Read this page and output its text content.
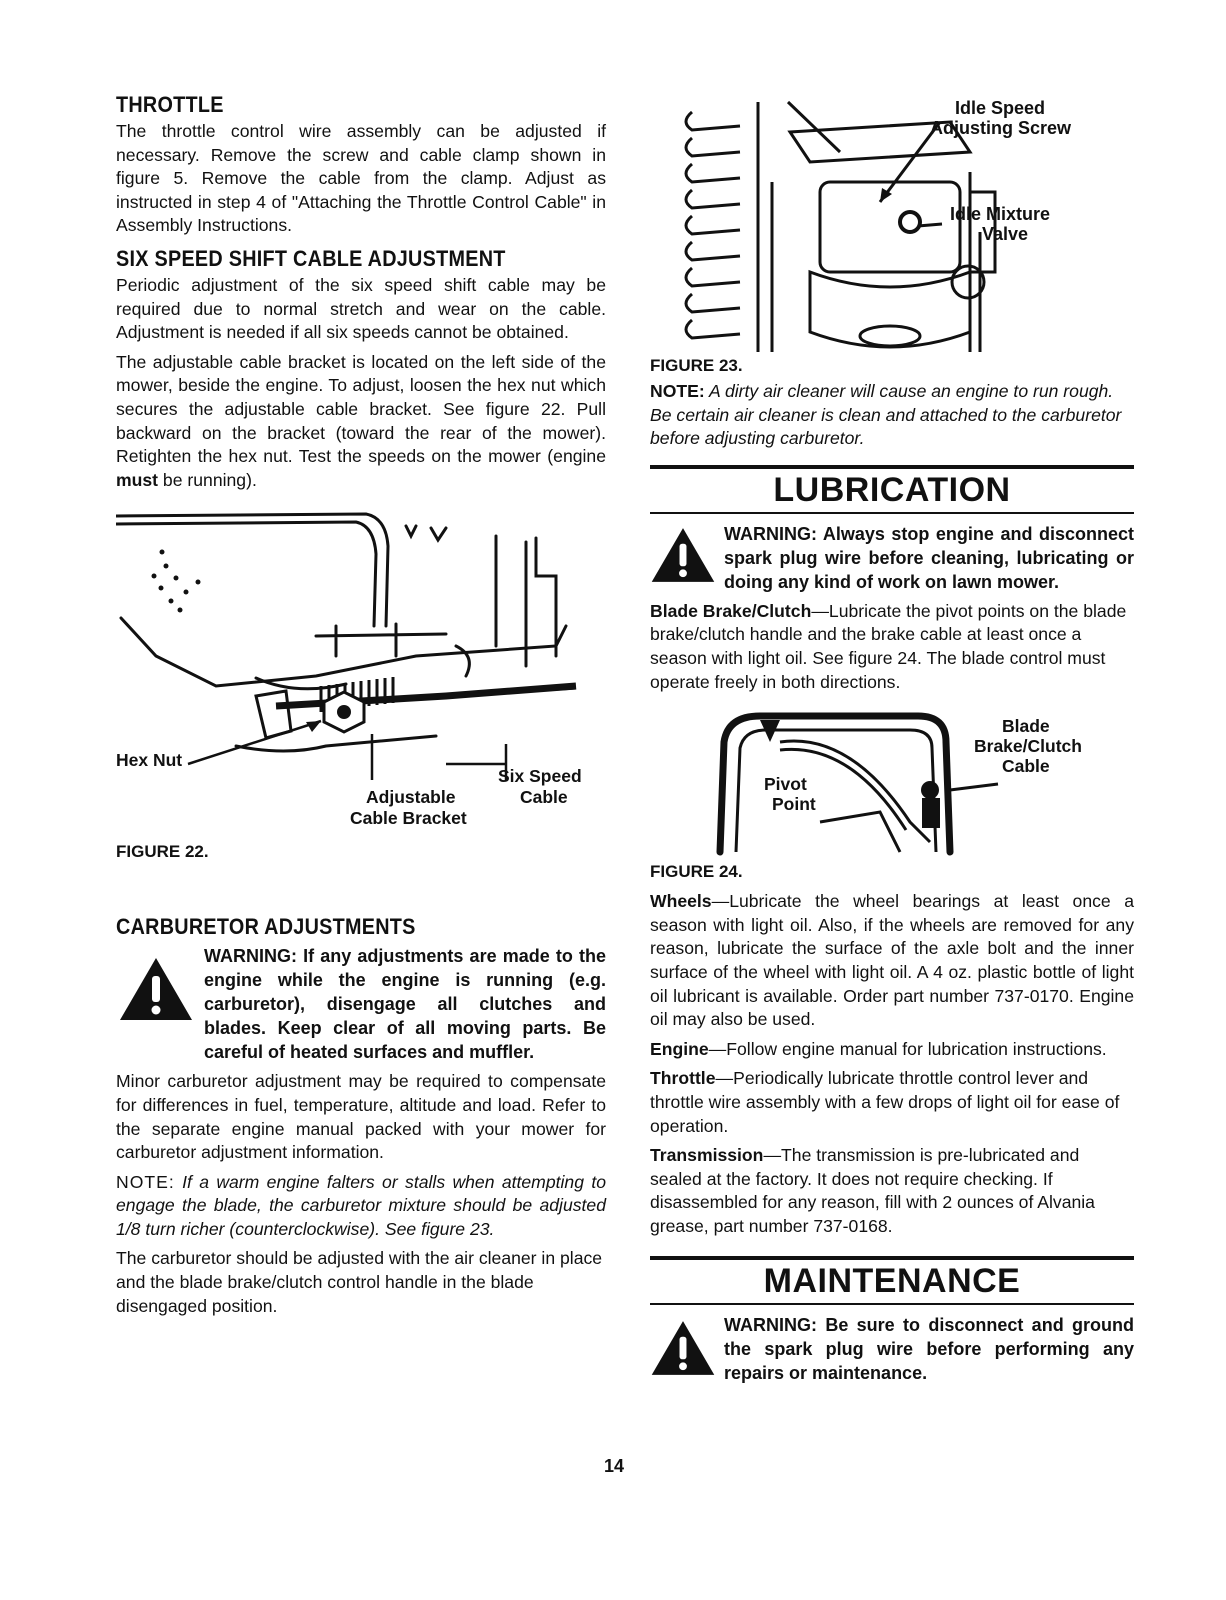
THROTTLE

The throttle control wire assembly can be adjusted if necessary. Remove the screw and cable clamp shown in figure 5. Remove the cable from the clamp. Adjust as instructed in step 4 of "Attaching the Throttle Control Cable" in Assembly Instructions.

SIX SPEED SHIFT CABLE ADJUSTMENT

Periodic adjustment of the six speed shift cable may be required due to normal stretch and wear on the cable. Adjustment is needed if all six speeds cannot be obtained.

The adjustable cable bracket is located on the left side of the mower, beside the engine. To adjust, loosen the hex nut which secures the adjustable cable bracket. See figure 22. Pull backward on the bracket (toward the rear of the mower). Retighten the hex nut. Test the speeds on the mower (engine must be running).

Hex Nut
Six Speed
Cable
Adjustable
Cable Bracket
FIGURE 22.
CARBURETOR ADJUSTMENTS

WARNING: If any adjustments are made to the engine while the engine is running (e.g. carburetor), disengage all clutches and blades. Keep clear of all moving parts. Be careful of heated surfaces and muffler.

Minor carburetor adjustment may be required to compensate for differences in fuel, temperature, altitude and load. Refer to the separate engine manual packed with your mower for carburetor adjustment information.

NOTE: If a warm engine falters or stalls when attempting to engage the blade, the carburetor mixture should be adjusted 1/8 turn richer (counterclockwise). See figure 23.

The carburetor should be adjusted with the air cleaner in place and the blade brake/clutch control handle in the blade disengaged position.

Idle Speed
Adjusting Screw
Idle Mixture
Valve
FIGURE 23.

NOTE: A dirty air cleaner will cause an engine to run rough. Be certain air cleaner is clean and attached to the carburetor before adjusting carburetor.

LUBRICATION

WARNING: Always stop engine and disconnect spark plug wire before cleaning, lubricating or doing any kind of work on lawn mower.

Blade Brake/Clutch—Lubricate the pivot points on the blade brake/clutch handle and the brake cable at least once a season with light oil. See figure 24. The blade control must operate freely in both directions.

Blade
Brake/Clutch
Cable
Pivot
Point
FIGURE 24.

Wheels—Lubricate the wheel bearings at least once a season with light oil. Also, if the wheels are removed for any reason, lubricate the surface of the axle bolt and the inner surface of the wheel with light oil. A 4 oz. plastic bottle of light oil lubricant is available. Order part number 737-0170. Engine oil may also be used.

Engine—Follow engine manual for lubrication instructions.

Throttle—Periodically lubricate throttle control lever and throttle wire assembly with a few drops of light oil for ease of operation.

Transmission—The transmission is pre-lubricated and sealed at the factory. It does not require checking. If disassembled for any reason, fill with 2 ounces of Alvania grease, part number 737-0168.

MAINTENANCE

WARNING: Be sure to disconnect and ground the spark plug wire before performing any repairs or maintenance.

14
